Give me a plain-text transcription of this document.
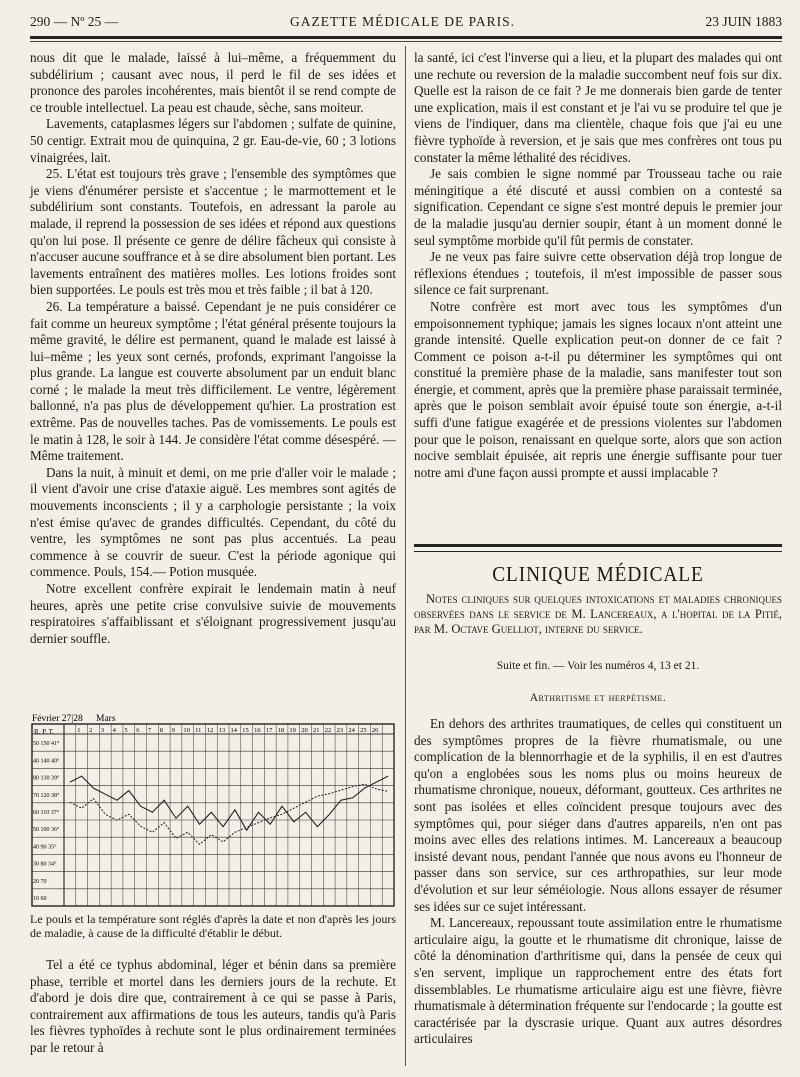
290 — Nº 25 —	GAZETTE MÉDICALE DE PARIS.	23 JUIN 1883

nous dit que le malade, laissé à lui–même, a fréquemment du subdélirium ; causant avec nous, il perd le fil de ses idées et prononce des paroles incohérentes, mais bientôt il se rend compte de ce trouble intellectuel. La peau est chaude, sèche, sans moiteur.

Lavements, cataplasmes légers sur l'abdomen ; sulfate de quinine, 50 centigr. Extrait mou de quinquina, 2 gr. Eau-de-vie, 60 ; 3 lotions vinaigrées, lait.

25. L'état est toujours très grave ; l'ensemble des symptômes que je viens d'énumérer persiste et s'accentue ; le marmottement et le subdélirium sont constants. Toutefois, en adressant la parole au malade, il reprend la possession de ses idées et répond aux questions qu'on lui pose. Il présente ce genre de délire fâcheux qui consiste à n'accuser aucune souffrance et à se dire absolument bien portant. Les lavements entraînent des matières molles. Les lotions froides sont bien supportées. Le pouls est très mou et très faible ; il bat à 120.

26. La température a baissé. Cependant je ne puis considérer ce fait comme un heureux symptôme ; l'état général présente toujours la même gravité, le délire est permanent, quand le malade est laissé à lui–même ; les yeux sont cernés, profonds, exprimant l'angoisse la plus grande. La langue est couverte absolument par un enduit blanc corné ; le malade la meut très difficilement. Le ventre, légèrement ballonné, n'a pas plus de développement qu'hier. La prostration est extrême. Pas de nouvelles taches. Pas de vomissements. Le pouls est le matin à 128, le soir à 144. Je considère l'état comme désespéré. — Même traitement.

Dans la nuit, à minuit et demi, on me prie d'aller voir le malade ; il vient d'avoir une crise d'ataxie aiguë. Les membres sont agités de mouvements inconscients ; il y a carphologie persistante ; la voix n'est émise qu'avec de grandes difficultés. Cependant, du côté du ventre, les symptômes ne sont pas plus accentués. La peau commence à se couvrir de sueur. C'est la période agonique qui commence. Pouls, 154.— Potion musquée.

Notre excellent confrère expirait le lendemain matin à neuf heures, après une petite crise convulsive suivie de mouvements respiratoires s'affaiblissant et s'éloignant progressivement jusqu'au dernier souffle.

Février 27|28 Mars
R. P. T.	1 2 3 4 5 6 7 8 9 10 11 12 13 14 15 16 17 18 19 20 21 22 23 24 25 26
50 150 41°
40 140 40°
80 130 39°
70 120 38°
60 110 37°
50 100 36°
40 90 35°
30 80 34°
20 70
10 60
Le pouls et la température sont réglés d'après la date et non d'après les jours de maladie, à cause de la difficulté d'établir le début.

Tel a été ce typhus abdominal, léger et bénin dans sa première phase, terrible et mortel dans les derniers jours de la rechute. Et d'abord je dois dire que, contrairement à ce qui se passe à Paris, contrairement aux affirmations de tous les auteurs, tandis qu'à Paris les fièvres typhoïdes à rechute sont le plus ordinairement terminées par le retour à

la santé, ici c'est l'inverse qui a lieu, et la plupart des malades qui ont une rechute ou reversion de la maladie succombent neuf fois sur dix. Quelle est la raison de ce fait ? Je me donnerais bien garde de tenter une explication, mais il est constant et je l'ai vu se produire tel que je viens de l'indiquer, dans ma clientèle, chaque fois que j'ai eu une fièvre typhoïde à reversion, et je sais que mes confrères ont tous pu constater la même léthalité des récidives.

Je sais combien le signe nommé par Trousseau tache ou raie méningitique a été discuté et aussi combien on a contesté sa signification. Cependant ce signe s'est montré depuis le premier jour de la maladie jusqu'au dernier soupir, étant à un moment donné le seul symptôme morbide qu'il fût permis de constater.

Je ne veux pas faire suivre cette observation déjà trop longue de réflexions étendues ; toutefois, il m'est impossible de passer sous silence ce fait surprenant.

Notre confrère est mort avec tous les symptômes d'un empoisonnement typhique; jamais les signes locaux n'ont atteint une grande intensité. Quelle explication peut-on donner de ce fait ? Comment ce poison a-t-il pu déterminer les symptômes qui ont constitué la première phase de la maladie, sans manifester tout son énergie, et comment, après que la première phase paraissait terminée, après que le poison semblait avoir épuisé toute son énergie, a-t-il suffi d'une fatigue exagérée et de pressions violentes sur l'abdomen pour que le poison, renaissant en quelque sorte, alors que son action nocive semblait épuisée, ait repris une énergie suffisante pour tuer notre ami d'une façon aussi prompte et aussi implacable ?

CLINIQUE MÉDICALE

Notes cliniques sur quelques intoxications et maladies chroniques observées dans le service de M. Lancereaux, a l'hopital de la Pitié, par M. Octave Guelliot, interne du service.

Suite et fin. — Voir les numéros 4, 13 et 21.
Arthritisme et herpétisme.

En dehors des arthrites traumatiques, de celles qui constituent un des symptômes propres de la fièvre rhumatismale, ou une complication de la blennorrhagie et de la syphilis, il en est d'autres qu'on a englobées sous les noms plus ou moins heureux de rhumatisme chronique, noueux, déformant, goutteux. Ces arthrites ne sont pas isolées et elles coïncident presque toujours avec des symptômes qui, pour siéger dans d'autres appareils, n'en ont pas moins avec elles des relations intimes. M. Lancereaux a beaucoup insisté devant nous, pendant l'année que nous avons eu l'honneur de passer dans son service, sur ces arthropathies, sur leur mode d'évolution et sur leur séméiologie. Nous allons essayer de résumer ses idées sur ce sujet intéressant.

M. Lancereaux, repoussant toute assimilation entre le rhumatisme articulaire aigu, la goutte et le rhumatisme dit chronique, laisse de côté la dénomination d'arthritisme qui, dans la pensée de ceux qui s'en servent, implique un rapprochement entre des états fort dissemblables. Le rhumatisme articulaire aigu est une fièvre, fièvre rhumatismale à détermination fréquente sur l'endocarde ; la goutte est caractérisée par la dyscrasie urique. Quant aux autres désordres articulaires
